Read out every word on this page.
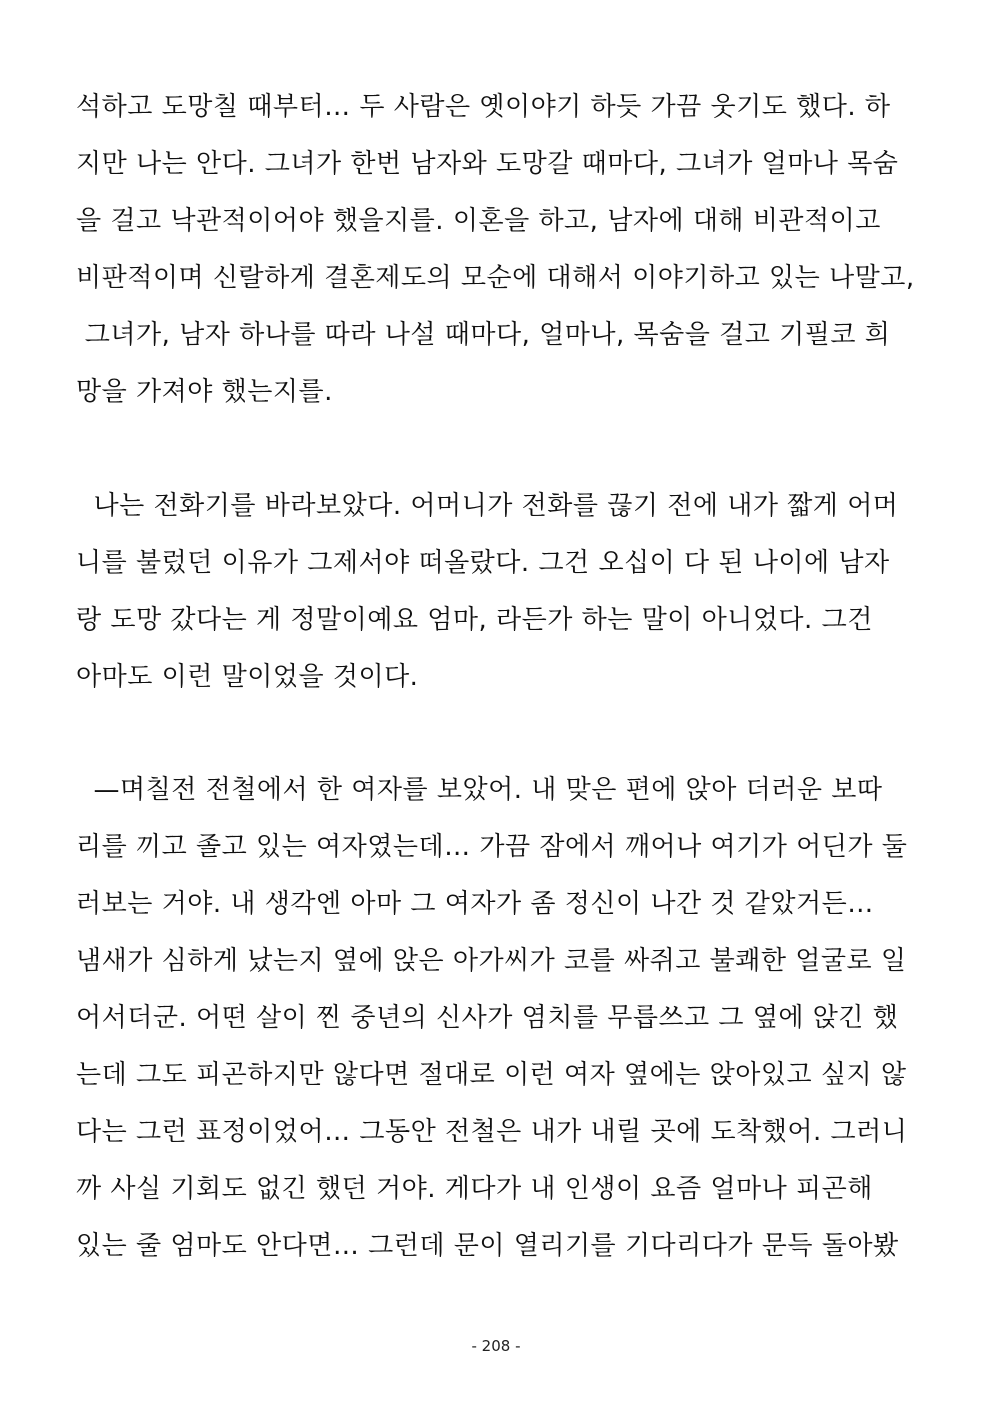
석하고 도망칠 때부터… 두 사람은 옛이야기 하듯 가끔 웃기도 했다. 하
지만 나는 안다. 그녀가 한번 남자와 도망갈 때마다, 그녀가 얼마나 목숨
을 걸고 낙관적이어야 했을지를. 이혼을 하고, 남자에 대해 비관적이고
비판적이며 신랄하게 결혼제도의 모순에 대해서 이야기하고 있는 나말고,
그녀가, 남자 하나를 따라 나설 때마다, 얼마나, 목숨을 걸고 기필코 희
망을 가져야 했는지를.
나는 전화기를 바라보았다. 어머니가 전화를 끊기 전에 내가 짧게 어머
니를 불렀던 이유가 그제서야 떠올랐다. 그건 오십이 다 된 나이에 남자
랑 도망 갔다는 게 정말이예요 엄마, 라든가 하는 말이 아니었다. 그건
아마도 이런 말이었을 것이다.
—며칠전 전철에서 한 여자를 보았어. 내 맞은 편에 앉아 더러운 보따
리를 끼고 졸고 있는 여자였는데… 가끔 잠에서 깨어나 여기가 어딘가 둘
러보는 거야. 내 생각엔 아마 그 여자가 좀 정신이 나간 것 같았거든…
냄새가 심하게 났는지 옆에 앉은 아가씨가 코를 싸쥐고 불쾌한 얼굴로 일
어서더군. 어떤 살이 찐 중년의 신사가 염치를 무릅쓰고 그 옆에 앉긴 했
는데 그도 피곤하지만 않다면 절대로 이런 여자 옆에는 앉아있고 싶지 않
다는 그런 표정이었어… 그동안 전철은 내가 내릴 곳에 도착했어. 그러니
까 사실 기회도 없긴 했던 거야. 게다가 내 인생이 요즘 얼마나 피곤해
있는 줄 엄마도 안다면… 그런데 문이 열리기를 기다리다가 문득 돌아봤
- 208 -
